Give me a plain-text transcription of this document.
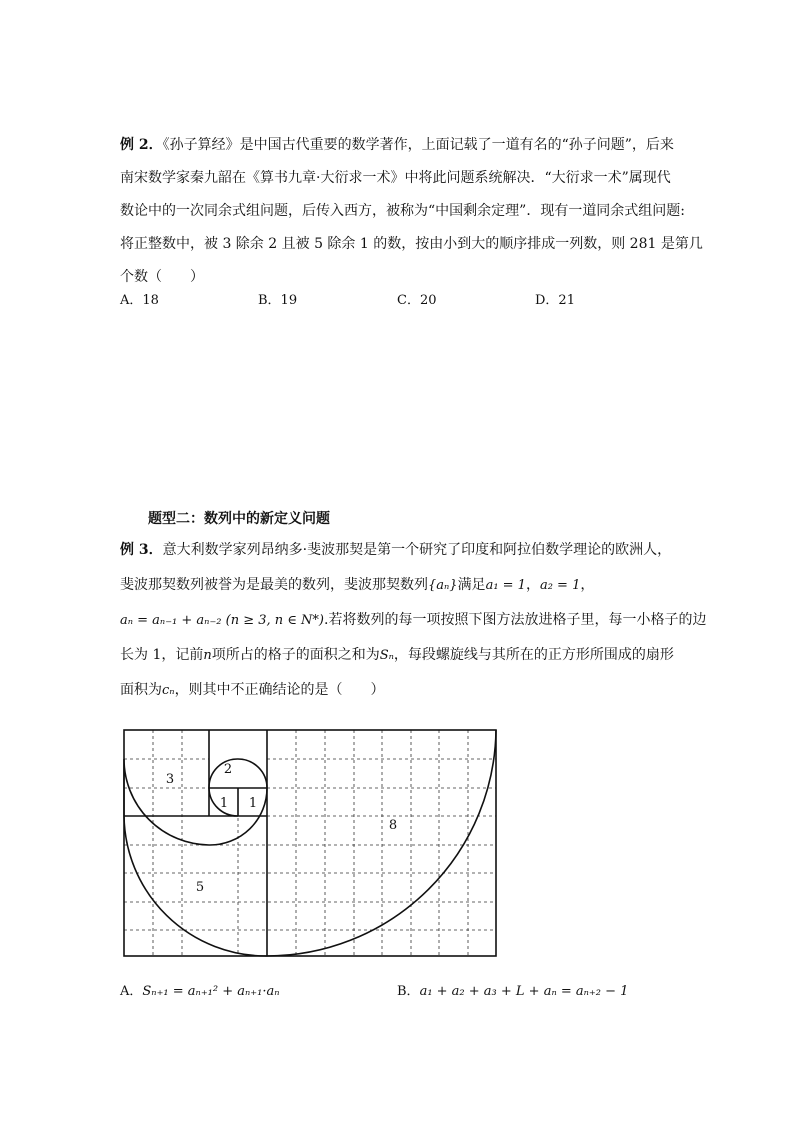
例 2．《孙子算经》是中国古代重要的数学著作，上面记载了一道有名的“孙子问题”，后来
南宋数学家秦九韶在《算书九章·大衍求一术》中将此问题系统解决．“大衍求一术”属现代
数论中的一次同余式组问题，后传入西方，被称为“中国剩余定理”．现有一道同余式组问题:
将正整数中，被 3 除余 2 且被 5 除余 1 的数，按由小到大的顺序排成一列数，则 281 是第几
个数（　　）
A．18	B．19	C．20	D．21
题型二：数列中的新定义问题
例 3．意大利数学家列昂纳多·斐波那契是第一个研究了印度和阿拉伯数学理论的欧洲人，
斐波那契数列被誉为是最美的数列，斐波那契数列{aₙ}满足a₁ = 1，a₂ = 1，
aₙ = aₙ₋₁ + aₙ₋₂ (n ≥ 3, n ∈ N*).若将数列的每一项按照下图方法放进格子里，每一小格子的边
长为 1，记前n项所占的格子的面积之和为Sₙ，每段螺旋线与其所在的正方形所围成的扇形
面积为cₙ，则其中不正确结论的是（　　）
1 1
2
3
5
8
A．Sₙ₊₁ = aₙ₊₁² + aₙ₊₁·aₙ	B．a₁ + a₂ + a₃ + L + aₙ = aₙ₊₂ − 1
